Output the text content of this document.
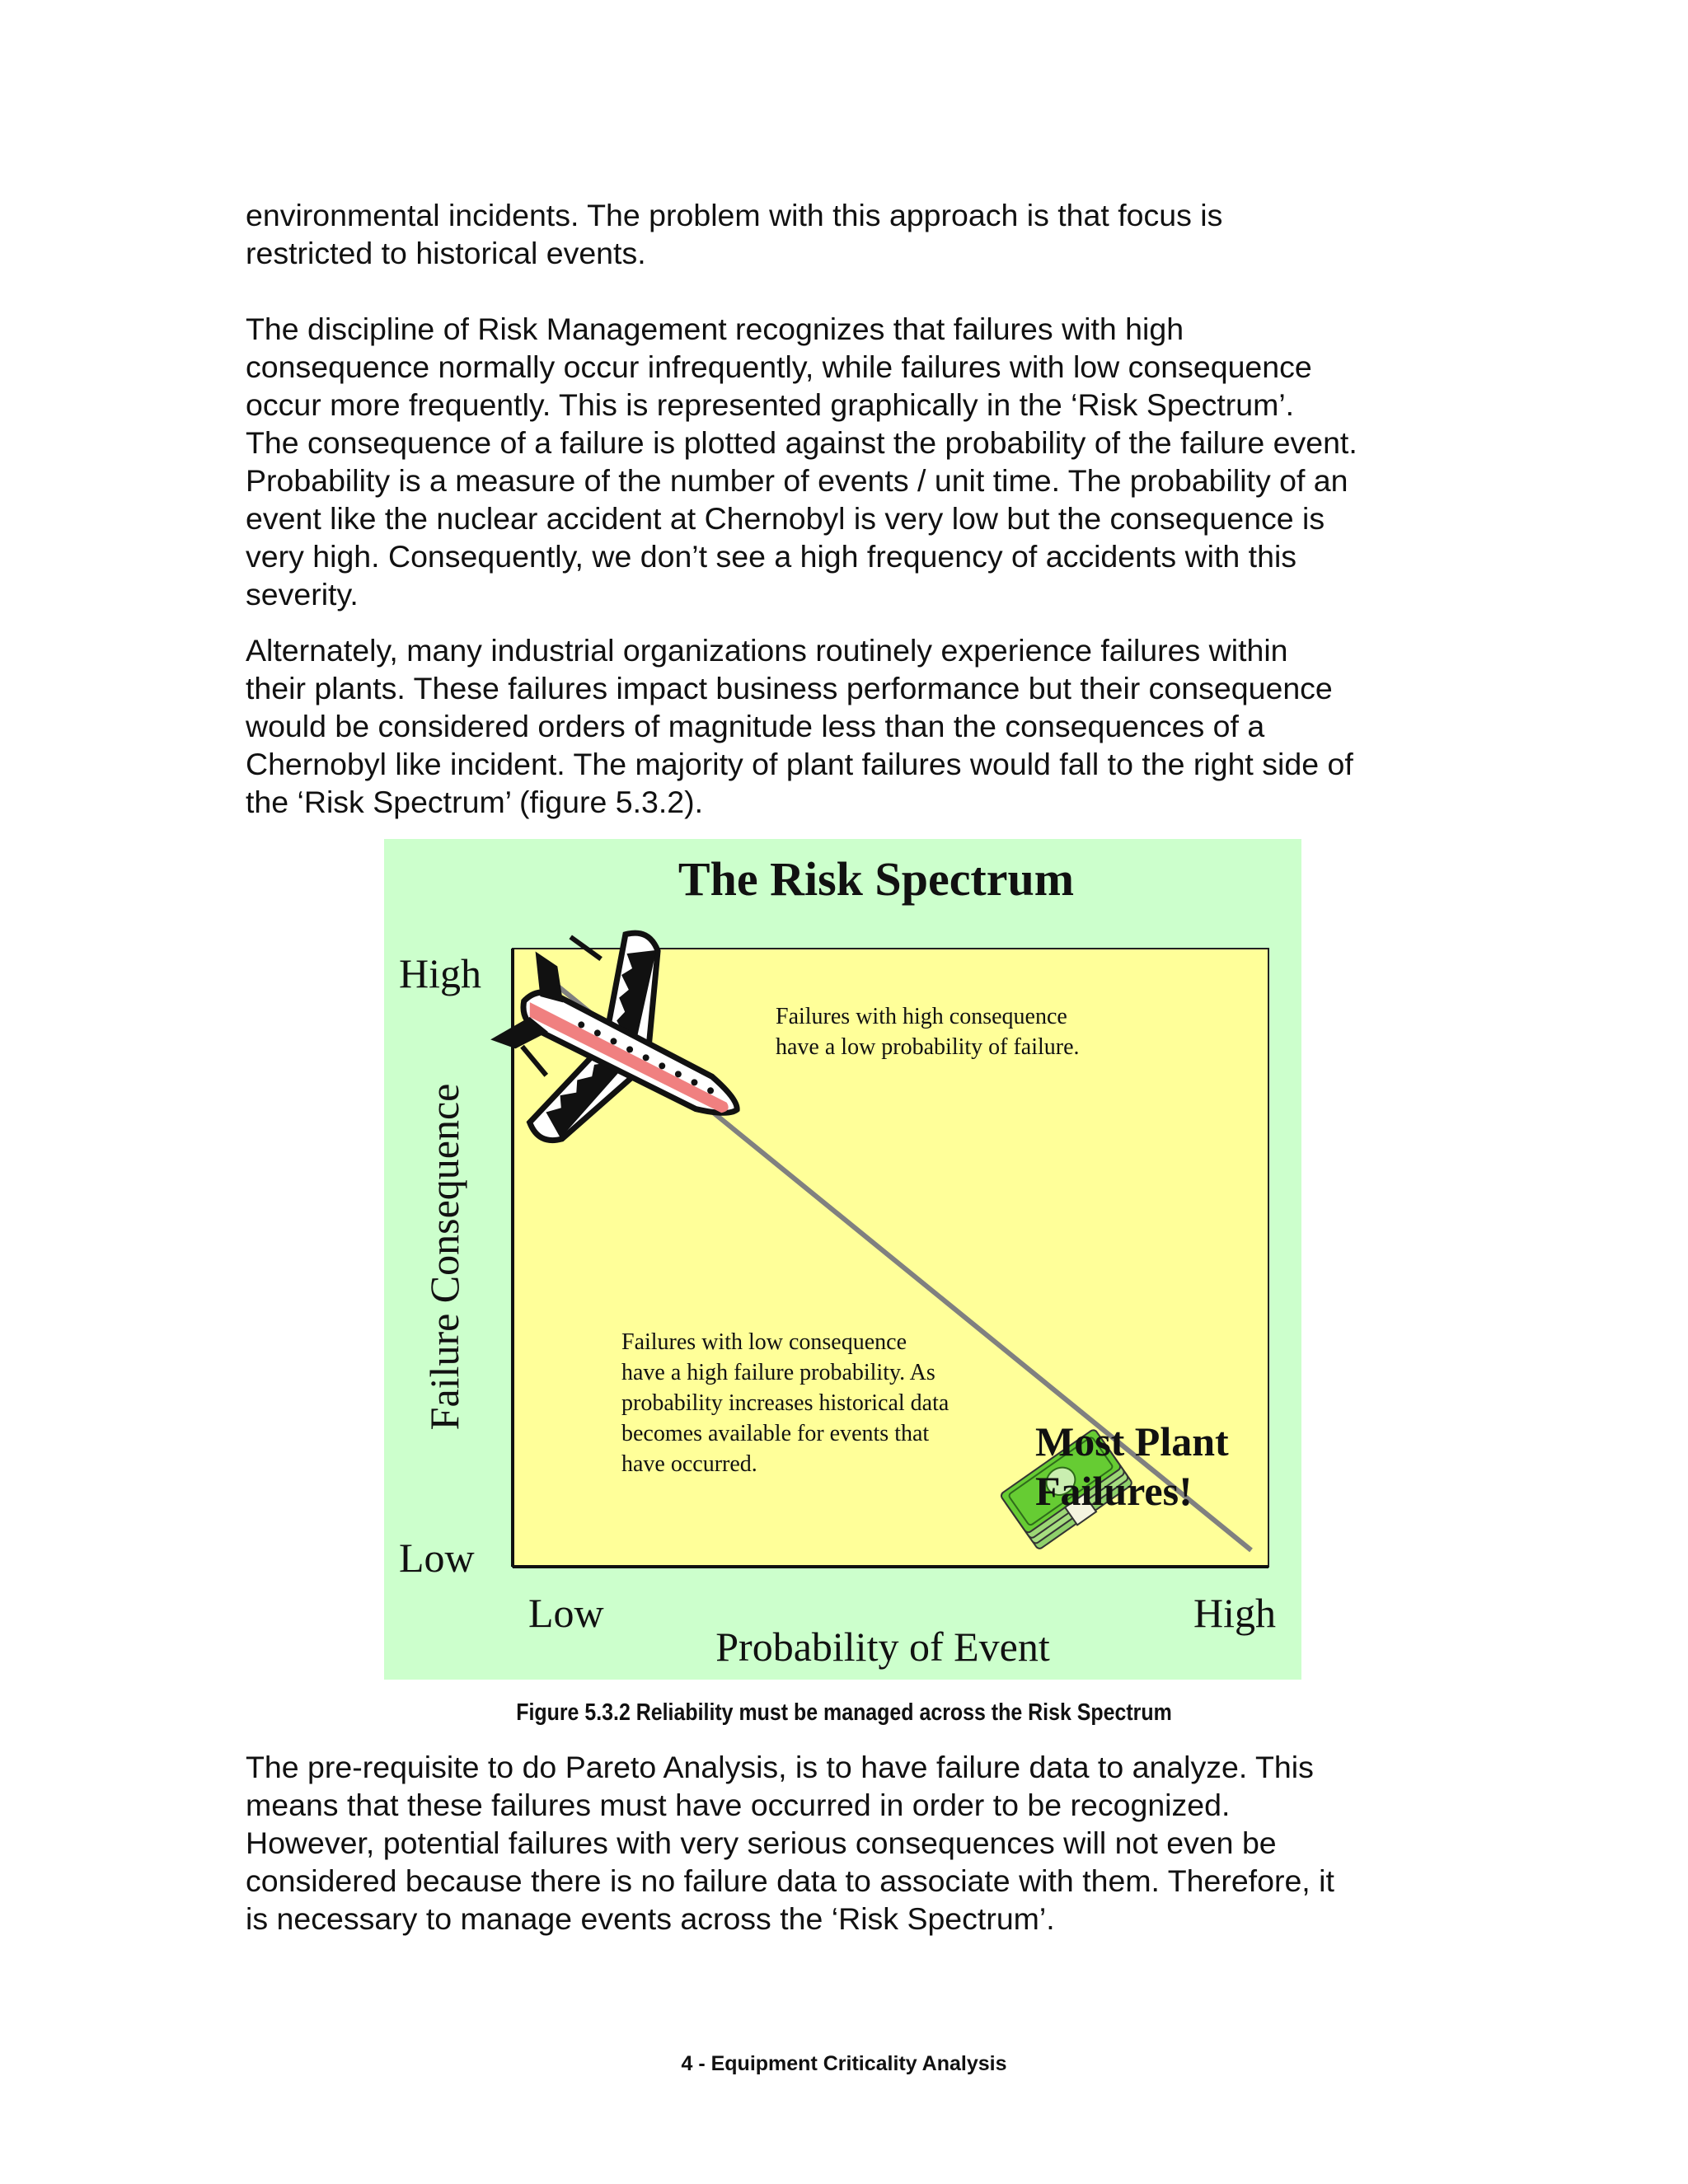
environmental incidents. The problem with this approach is that focus is

restricted to historical events.

The discipline of Risk Management recognizes that failures with high

consequence normally occur infrequently, while failures with low consequence

occur more frequently. This is represented graphically in the ‘Risk Spectrum’.

The consequence of a failure is plotted against the probability of the failure event.

Probability is a measure of the number of events / unit time. The probability of an

event like the nuclear accident at Chernobyl is very low but the consequence is

very high. Consequently, we don’t see a high frequency of accidents with this

severity.

Alternately, many industrial organizations routinely experience failures within

their plants. These failures impact business performance but their consequence

would be considered orders of magnitude less than the consequences of a

Chernobyl like incident. The majority of plant failures would fall to the right side of

the ‘Risk Spectrum’ (figure 5.3.2).

The Risk Spectrum
High
Low
Low	High
Failure Consequence
Probability of Event
Failures with high consequence have a low probability of failure.
Failures with low consequence have a high failure probability. As probability increases historical data becomes available for events that have occurred.	Most Plant Failures!
Figure 5.3.2 Reliability must be managed across the Risk Spectrum

The pre-requisite to do Pareto Analysis, is to have failure data to analyze. This

means that these failures must have occurred in order to be recognized.

However, potential failures with very serious consequences will not even be

considered because there is no failure data to associate with them. Therefore, it

is necessary to manage events across the ‘Risk Spectrum’.

4 - Equipment Criticality Analysis
